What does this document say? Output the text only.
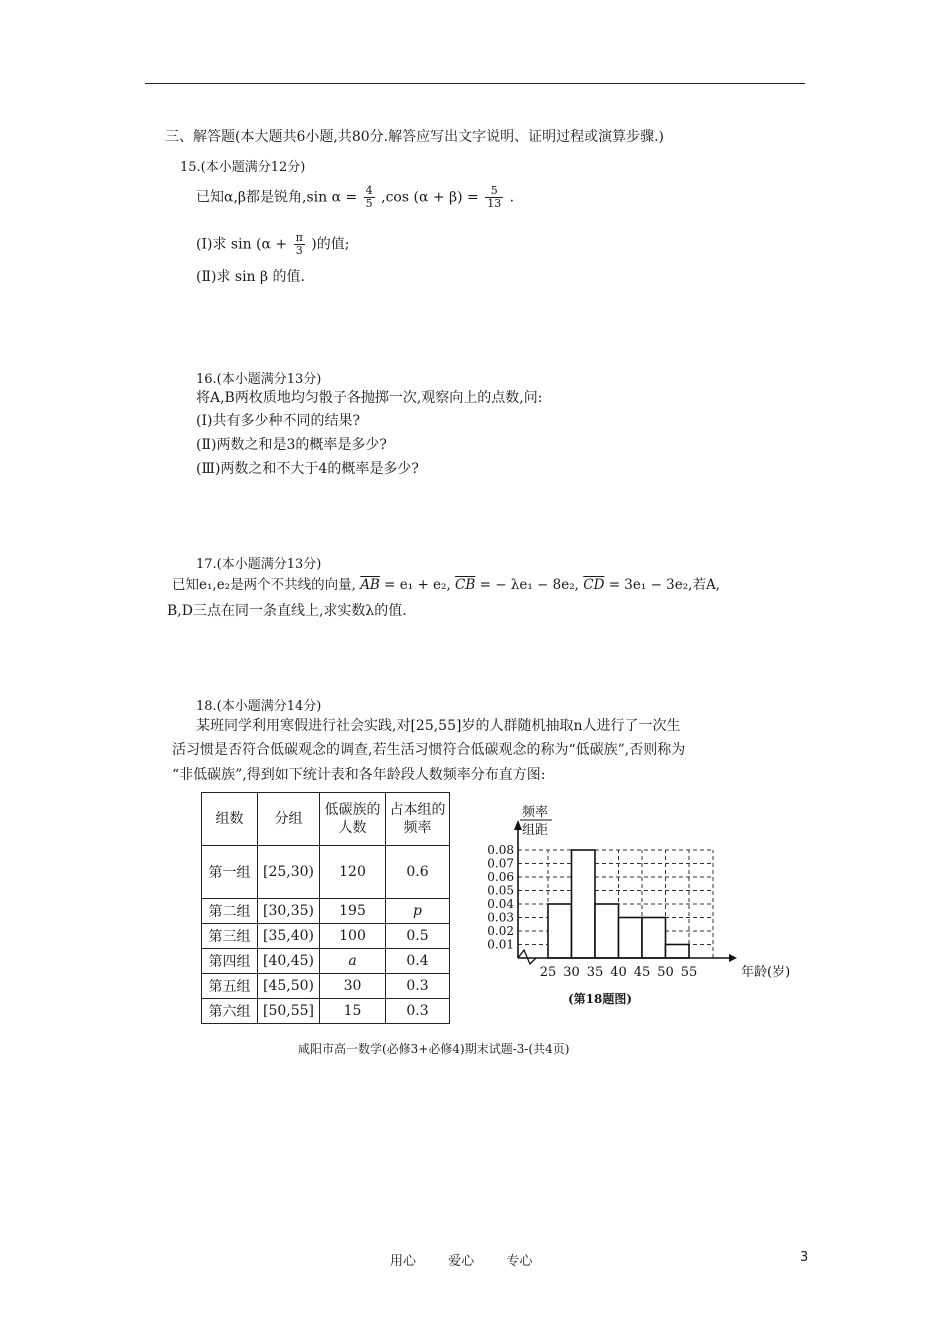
三、解答题(本大题共6小题,共80分.解答应写出文字说明、证明过程或演算步骤.)
15.(本小题满分12分)
已知α,β都是锐角,sin $\alpha = \frac{4}{5} ,\cos$ $(\alpha + \beta) = \frac{5}{13}$ .
(Ⅰ)求 $\sin (\alpha + \frac{\pi}{3}$ )的值;
(Ⅱ)求 sin β 的值.
16.(本小题满分13分)
将A,B两枚质地均匀骰子各抛掷一次,观察向上的点数,问:
(Ⅰ)共有多少种不同的结果?
(Ⅱ)两数之和是3的概率是多少?
(Ⅲ)两数之和不大于4的概率是多少?
17.(本小题满分13分)
已知e₁,e₂是两个不共线的向量, $\overline{AB} = e_1 + e_2$, $\overline{CB}$ = − λe₁ − 8e₂, $\overline{CD} = 3e_1 - 3e_2$,若A,
B,D三点在同一条直线上,求实数λ的值.
18.(本小题满分14分)
某班同学利用寒假进行社会实践,对[25,55]岁的人群随机抽取n人进行了一次生
活习惯是否符合低碳观念的调查,若生活习惯符合低碳观念的称为“低碳族”,否则称为
“非低碳族”,得到如下统计表和各年龄段人数频率分布直方图:
组数	分组	低碳族的人数	占本组的频率
第一组	[25,30)	120	0.6
第二组	[30,35)	195	p
第三组	[35,40)	100	0.5
第四组	[40,45)	a	0.4
第五组	[45,50)	30	0.3
第六组	[50,55]	15	0.3
0.01
0.02
0.03
0.04
0.05
0.06
0.07
0.08
25 30 35 40 45 50 55	年龄(岁)
频率
组距
(第18题图)
咸阳市高一数学(必修3+必修4)期末试题-3-(共4页)
用心 爱心 专心	3
